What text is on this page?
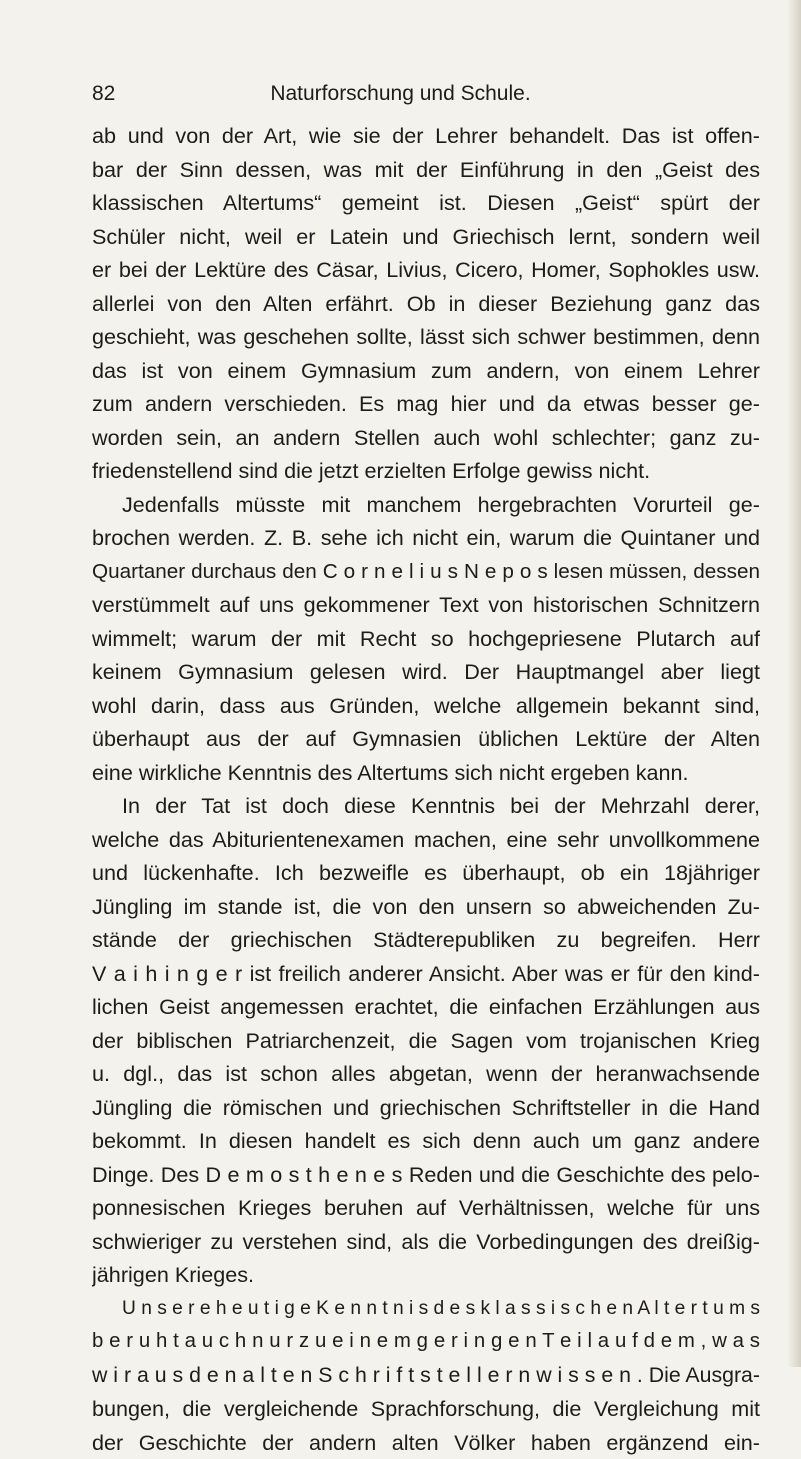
82	Naturforschung und Schule.
ab und von der Art, wie sie der Lehrer behandelt. Das ist offen-
bar der Sinn dessen, was mit der Einführung in den „Geist des
klassischen Altertums“ gemeint ist. Diesen „Geist“ spürt der
Schüler nicht, weil er Latein und Griechisch lernt, sondern weil
er bei der Lektüre des Cäsar, Livius, Cicero, Homer, Sophokles usw.
allerlei von den Alten erfährt. Ob in dieser Beziehung ganz das
geschieht, was geschehen sollte, lässt sich schwer bestimmen, denn
das ist von einem Gymnasium zum andern, von einem Lehrer
zum andern verschieden. Es mag hier und da etwas besser ge-
worden sein, an andern Stellen auch wohl schlechter; ganz zu-
friedenstellend sind die jetzt erzielten Erfolge gewiss nicht.
Jedenfalls müsste mit manchem hergebrachten Vorurteil ge-
brochen werden. Z. B. sehe ich nicht ein, warum die Quintaner und
Quartaner durchaus den C o r n e l i u s N e p o s lesen müssen, dessen
verstümmelt auf uns gekommener Text von historischen Schnitzern
wimmelt; warum der mit Recht so hochgepriesene Plutarch auf
keinem Gymnasium gelesen wird. Der Hauptmangel aber liegt
wohl darin, dass aus Gründen, welche allgemein bekannt sind,
überhaupt aus der auf Gymnasien üblichen Lektüre der Alten
eine wirkliche Kenntnis des Altertums sich nicht ergeben kann.
In der Tat ist doch diese Kenntnis bei der Mehrzahl derer,
welche das Abiturientenexamen machen, eine sehr unvollkommene
und lückenhafte. Ich bezweifle es überhaupt, ob ein 18jähriger
Jüngling im stande ist, die von den unsern so abweichenden Zu-
stände der griechischen Städterepubliken zu begreifen. Herr
V a i h i n g e r ist freilich anderer Ansicht. Aber was er für den kind-
lichen Geist angemessen erachtet, die einfachen Erzählungen aus
der biblischen Patriarchenzeit, die Sagen vom trojanischen Krieg
u. dgl., das ist schon alles abgetan, wenn der heranwachsende
Jüngling die römischen und griechischen Schriftsteller in die Hand
bekommt. In diesen handelt es sich denn auch um ganz andere
Dinge. Des D e m o s t h e n e s Reden und die Geschichte des pelo-
ponnesischen Krieges beruhen auf Verhältnissen, welche für uns
schwieriger zu verstehen sind, als die Vorbedingungen des dreißig-
jährigen Krieges.
U n s e r e h e u t i g e K e n n t n i s d e s k l a s s i s c h e n A l t e r t u m s
b e r u h t a u c h n u r z u e i n e m g e r i n g e n T e i l a u f d e m , w a s
w i r a u s d e n a l t e n S c h r i f t s t e l l e r n w i s s e n . Die Ausgra-
bungen, die vergleichende Sprachforschung, die Vergleichung mit
der Geschichte der andern alten Völker haben ergänzend ein-
